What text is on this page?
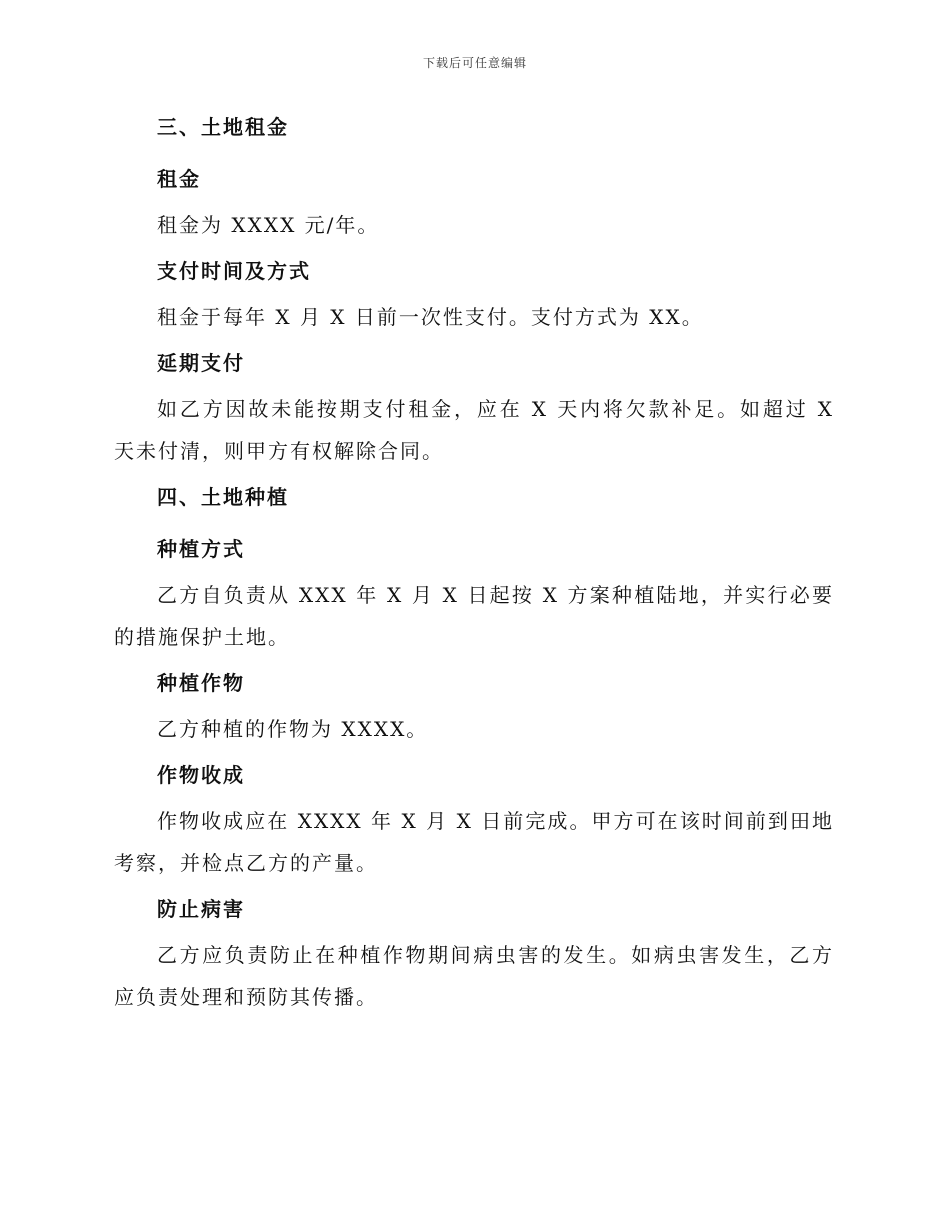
下载后可任意编辑
三、土地租金
租金

租金为 XXXX 元/年。

支付时间及方式

租金于每年 X 月 X 日前一次性支付。支付方式为 XX。

延期支付

如乙方因故未能按期支付租金，应在 X 天内将欠款补足。如超过 X 天未付清，则甲方有权解除合同。

四、土地种植
种植方式

乙方自负责从 XXX 年 X 月 X 日起按 X 方案种植陆地，并实行必要的措施保护土地。

种植作物

乙方种植的作物为 XXXX。

作物收成

作物收成应在 XXXX 年 X 月 X 日前完成。甲方可在该时间前到田地考察，并检点乙方的产量。

防止病害

乙方应负责防止在种植作物期间病虫害的发生。如病虫害发生，乙方应负责处理和预防其传播。
